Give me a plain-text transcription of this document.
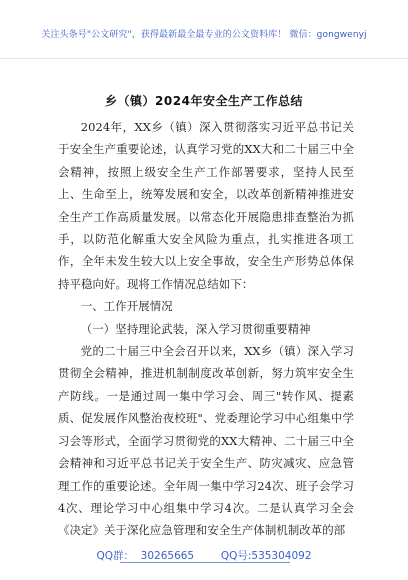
关注头条号"公文研究"，获得最新最全最专业的公文资料库！ 微信：gongwenyj
乡（镇）2024年安全生产工作总结

2024年，XX乡（镇）深入贯彻落实习近平总书记关于安全生产重要论述，认真学习党的XX大和二十届三中全会精神，按照上级安全生产工作部署要求，坚持人民至上、生命至上，统筹发展和安全，以改革创新精神推进安全生产工作高质量发展。以常态化开展隐患排查整治为抓手，以防范化解重大安全风险为重点，扎实推进各项工作，全年未发生较大以上安全事故，安全生产形势总体保持平稳向好。现将工作情况总结如下：

一、工作开展情况

（一）坚持理论武装，深入学习贯彻重要精神

党的二十届三中全会召开以来，XX乡（镇）深入学习贯彻全会精神，推进机制制度改革创新，努力筑牢安全生产防线。一是通过周一集中学习会、周三"转作风、提素质、促发展作风整治夜校班"、党委理论学习中心组集中学习会等形式，全面学习贯彻党的XX大精神、二十届三中全会精神和习近平总书记关于安全生产、防灾减灾、应急管理工作的重要论述。全年周一集中学习24次、班子会学习4次、理论学习中心组集中学习4次。二是认真学习全会《决定》关于深化应急管理和安全生产体制机制改革的部

QQ群：  30265665        QQ号:535304092
